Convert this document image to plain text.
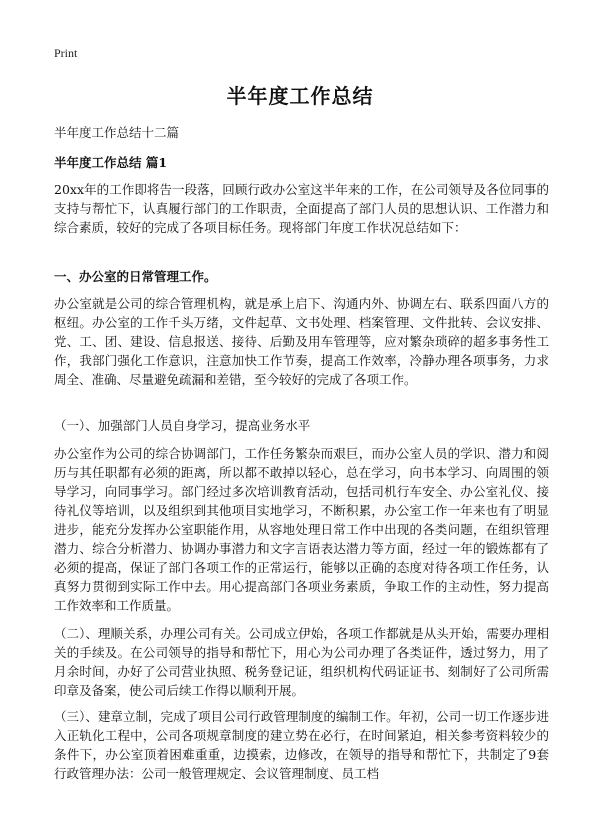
Print
半年度工作总结
半年度工作总结十二篇
半年度工作总结 篇1

20xx年的工作即将告一段落，回顾行政办公室这半年来的工作，在公司领导及各位同事的支持与帮忙下，认真履行部门的工作职责，全面提高了部门人员的思想认识、工作潜力和综合素质，较好的完成了各项目标任务。现将部门年度工作状况总结如下：

一、办公室的日常管理工作。

办公室就是公司的综合管理机构，就是承上启下、沟通内外、协调左右、联系四面八方的枢纽。办公室的工作千头万绪，文件起草、文书处理、档案管理、文件批转、会议安排、党、工、团、建设、信息报送、接待、后勤及用车管理等，应对繁杂琐碎的超多事务性工作，我部门强化工作意识，注意加快工作节奏，提高工作效率，冷静办理各项事务，力求周全、准确、尽量避免疏漏和差错，至今较好的完成了各项工作。

（一）、加强部门人员自身学习，提高业务水平

办公室作为公司的综合协调部门，工作任务繁杂而艰巨，而办公室人员的学识、潜力和阅历与其任职都有必须的距离，所以都不敢掉以轻心，总在学习，向书本学习、向周围的领导学习，向同事学习。部门经过多次培训教育活动，包括司机行车安全、办公室礼仪、接待礼仪等培训，以及组织到其他项目实地学习，不断积累，办公室工作一年来也有了明显进步，能充分发挥办公室职能作用，从容地处理日常工作中出现的各类问题，在组织管理潜力、综合分析潜力、协调办事潜力和文字言语表达潜力等方面，经过一年的锻炼都有了必须的提高，保证了部门各项工作的正常运行，能够以正确的态度对待各项工作任务，认真努力贯彻到实际工作中去。用心提高部门各项业务素质，争取工作的主动性，努力提高工作效率和工作质量。

（二）、理顺关系，办理公司有关。公司成立伊始，各项工作都就是从头开始，需要办理相关的手续及。在公司领导的指导和帮忙下，用心为公司办理了各类证件，透过努力，用了月余时间，办好了公司营业执照、税务登记证，组织机构代码证证书、刻制好了公司所需印章及备案，使公司后续工作得以顺利开展。

（三）、建章立制，完成了项目公司行政管理制度的编制工作。年初，公司一切工作逐步进入正轨化工程中，公司各项规章制度的建立势在必行，在时间紧迫，相关参考资料较少的条件下，办公室顶着困难重重，边摸索，边修改，在领导的指导和帮忙下，共制定了9套行政管理办法：公司一般管理规定、会议管理制度、员工档
